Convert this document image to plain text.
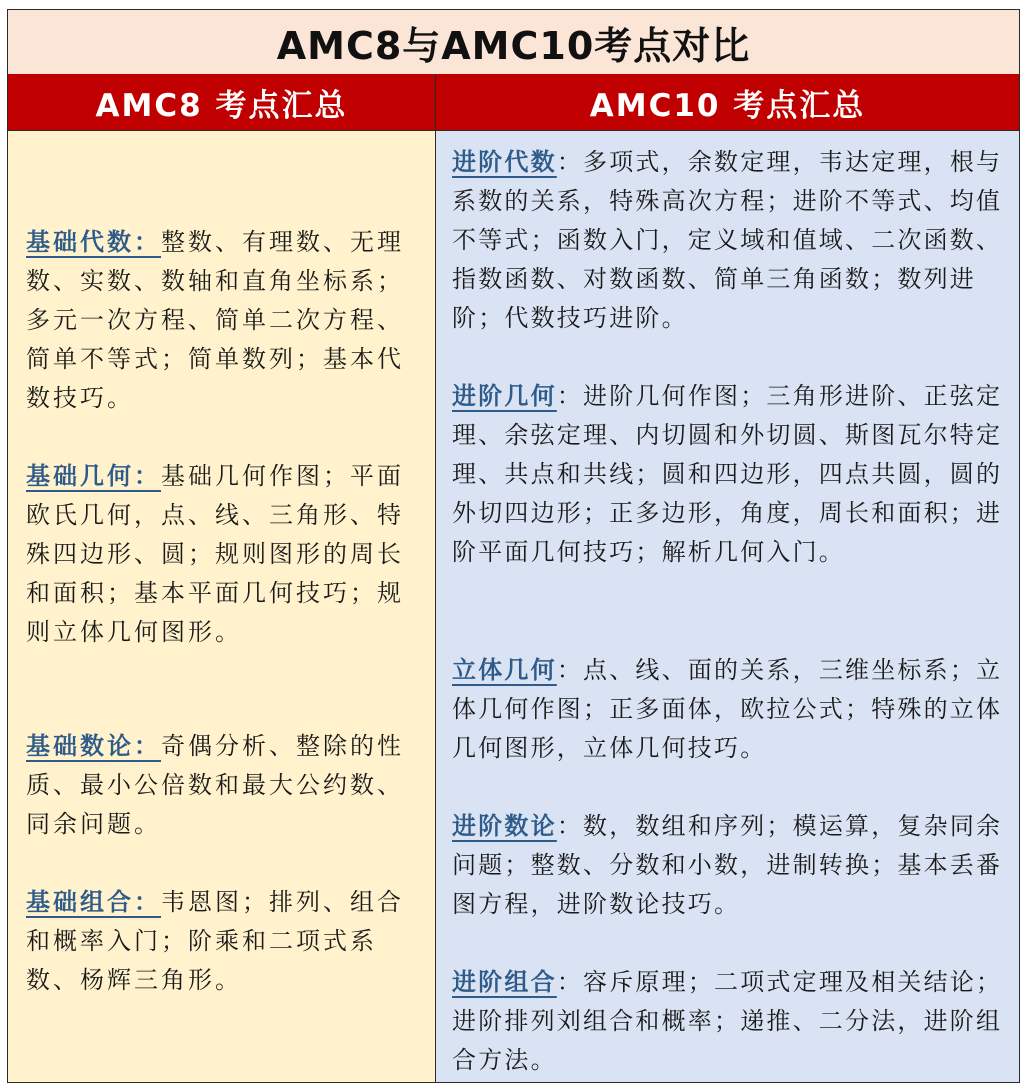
AMC8与AMC10考点对比
AMC8 考点汇总	AMC10 考点汇总
基础代数：整数、有理数、无理数、实数、数轴和直角坐标系；多元一次方程、简单二次方程、简单不等式；简单数列；基本代数技巧。
基础几何：基础几何作图；平面欧氏几何，点、线、三角形、特殊四边形、圆；规则图形的周长和面积；基本平面几何技巧；规则立体几何图形。
基础数论：奇偶分析、整除的性质、最小公倍数和最大公约数、同余问题。
基础组合：韦恩图；排列、组合和概率入门；阶乘和二项式系数、杨辉三角形。
进阶代数：多项式，余数定理，韦达定理，根与系数的关系，特殊高次方程；进阶不等式、均值不等式；函数入门，定义域和值域、二次函数、指数函数、对数函数、简单三角函数；数列进阶；代数技巧进阶。
进阶几何：进阶几何作图；三角形进阶、正弦定理、余弦定理、内切圆和外切圆、斯图瓦尔特定理、共点和共线；圆和四边形，四点共圆，圆的外切四边形；正多边形，角度，周长和面积；进阶平面几何技巧；解析几何入门。
立体几何：点、线、面的关系，三维坐标系；立体几何作图；正多面体，欧拉公式；特殊的立体几何图形，立体几何技巧。
进阶数论：数，数组和序列；模运算，复杂同余问题；整数、分数和小数，进制转换；基本丢番图方程，进阶数论技巧。
进阶组合：容斥原理；二项式定理及相关结论；进阶排列刘组合和概率；递推、二分法，进阶组合方法。
